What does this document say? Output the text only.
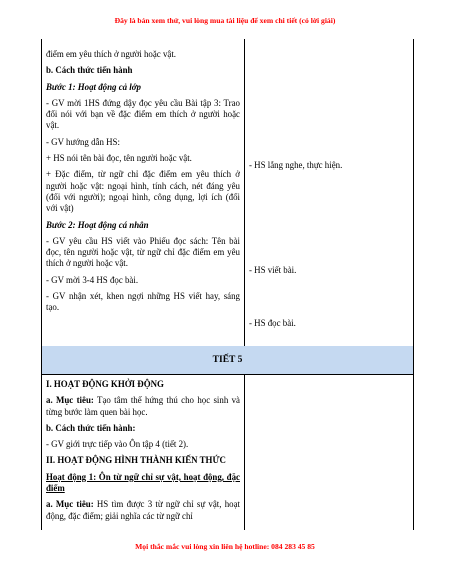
Đây là bản xem thử, vui lòng mua tài liệu để xem chi tiết (có lời giải)

điểm em yêu thích ở người hoặc vật.

b. Cách thức tiến hành

Bước 1: Hoạt động cả lớp

- GV mời 1HS đứng dậy đọc yêu cầu Bài tập 3: Trao đổi nói với bạn về đặc điểm em thích ở người hoặc vật.

- GV hướng dẫn HS:

+ HS nói tên bài đọc, tên người hoặc vật.

+ Đặc điểm, từ ngữ chỉ đặc điểm em yêu thích ở người hoặc vật: ngoại hình, tính cách, nét đáng yêu (đối với người); ngoại hình, công dụng, lợi ích (đối với vật)

Bước 2: Hoạt động cá nhân

- GV yêu cầu HS viết vào Phiếu đọc sách: Tên bài đọc, tên người hoặc vật, từ ngữ chỉ đặc điểm em yêu thích ở người hoặc vật.

- GV mời 3-4 HS đọc bài.

- GV nhận xét, khen ngợi những HS viết hay, sáng tạo.

- HS lắng nghe, thực hiện.
- HS viết bài.
- HS đọc bài.
TIẾT 5

I. HOẠT ĐỘNG KHỞI ĐỘNG

a. Mục tiêu: Tạo tâm thế hứng thú cho học sinh và từng bước làm quen bài học.

b. Cách thức tiến hành:

- GV giới trực tiếp vào Ôn tập 4 (tiết 2).

II. HOẠT ĐỘNG HÌNH THÀNH KIẾN THỨC

Hoạt động 1: Ôn từ ngữ chỉ sự vật, hoạt động, đặc điểm

a. Mục tiêu: HS tìm được 3 từ ngữ chỉ sự vật, hoạt động, đặc điểm; giải nghĩa các từ ngữ chỉ

Mọi thắc mắc vui lòng xin liên hệ hotline: 084 283 45 85
